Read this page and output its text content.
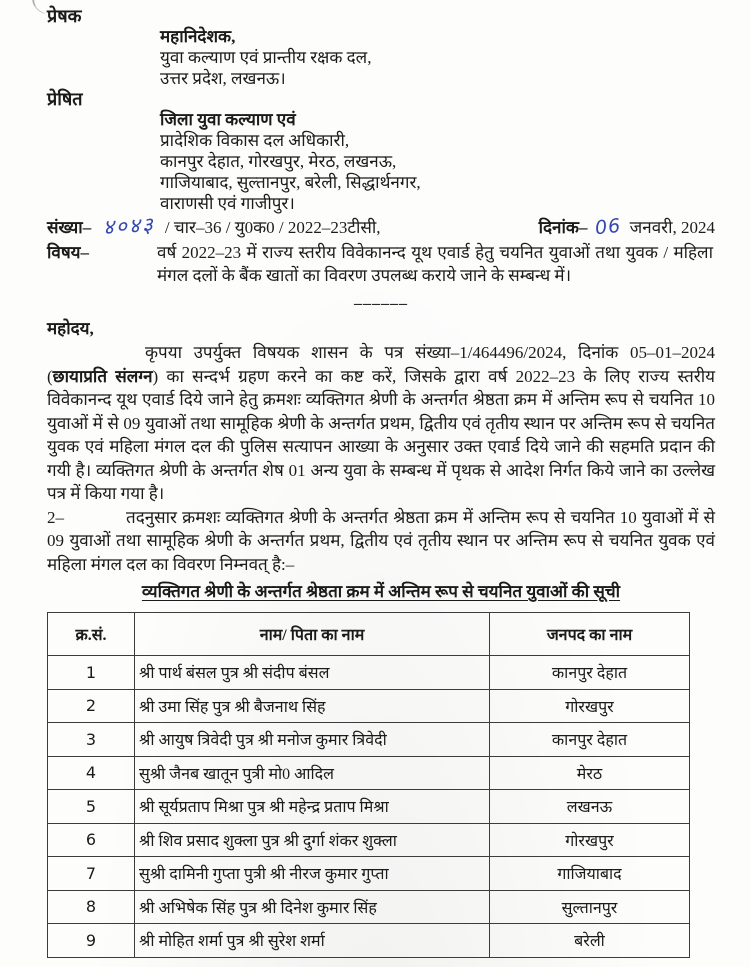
प्रेषक
महानिदेशक,
युवा कल्याण एवं प्रान्तीय रक्षक दल,
उत्तर प्रदेश, लखनऊ।
प्रेषित
जिला युवा कल्याण एवं
प्रादेशिक विकास दल अधिकारी,
कानपुर देहात, गोरखपुर, मेरठ, लखनऊ,
गाजियाबाद, सुल्तानपुर, बरेली, सिद्धार्थनगर,
वाराणसी एवं गाजीपुर।
संख्या– ४०४३ / चार–36 / यु0क0 / 2022–23टीसी,	दिनांक– 06 जनवरी, 2024
विषय–	वर्ष 2022–23 में राज्य स्तरीय विवेकानन्द यूथ एवार्ड हेतु चयनित युवाओं तथा युवक / महिला मंगल दलों के बैंक खातों का विवरण उपलब्ध कराये जाने के सम्बन्ध में।
––––––
महोदय,

कृपया उपर्युक्त विषयक शासन के पत्र संख्या–1/464496/2024, दिनांक 05–01–2024 (छायाप्रति संलग्न) का सन्दर्भ ग्रहण करने का कष्ट करें, जिसके द्वारा वर्ष 2022–23 के लिए राज्य स्तरीय विवेकानन्द यूथ एवार्ड दिये जाने हेतु क्रमशः व्यक्तिगत श्रेणी के अन्तर्गत श्रेष्ठता क्रम में अन्तिम रूप से चयनित 10 युवाओं में से 09 युवाओं तथा सामूहिक श्रेणी के अन्तर्गत प्रथम, द्वितीय एवं तृतीय स्थान पर अन्तिम रूप से चयनित युवक एवं महिला मंगल दल की पुलिस सत्यापन आख्या के अनुसार उक्त एवार्ड दिये जाने की सहमति प्रदान की गयी है। व्यक्तिगत श्रेणी के अन्तर्गत शेष 01 अन्य युवा के सम्बन्ध में पृथक से आदेश निर्गत किये जाने का उल्लेख पत्र में किया गया है।

2–	तदनुसार क्रमशः व्यक्तिगत श्रेणी के अन्तर्गत श्रेष्ठता क्रम में अन्तिम रूप से चयनित 10 युवाओं में से 09 युवाओं तथा सामूहिक श्रेणी के अन्तर्गत प्रथम, द्वितीय एवं तृतीय स्थान पर अन्तिम रूप से चयनित युवक एवं महिला मंगल दल का विवरण निम्नवत् है:–

व्यक्तिगत श्रेणी के अन्तर्गत श्रेष्ठता क्रम में अन्तिम रूप से चयनित युवाओं की सूची
क्र.सं.	नाम/ पिता का नाम	जनपद का नाम
1	श्री पार्थ बंसल पुत्र श्री संदीप बंसल	कानपुर देहात
2	श्री उमा सिंह पुत्र श्री बैजनाथ सिंह	गोरखपुर
3	श्री आयुष त्रिवेदी पुत्र श्री मनोज कुमार त्रिवेदी	कानपुर देहात
4	सुश्री जैनब खातून पुत्री मो0 आदिल	मेरठ
5	श्री सूर्यप्रताप मिश्रा पुत्र श्री महेन्द्र प्रताप मिश्रा	लखनऊ
6	श्री शिव प्रसाद शुक्ला पुत्र श्री दुर्गा शंकर शुक्ला	गोरखपुर
7	सुश्री दामिनी गुप्ता पुत्री श्री नीरज कुमार गुप्ता	गाजियाबाद
8	श्री अभिषेक सिंह पुत्र श्री दिनेश कुमार सिंह	सुल्तानपुर
9	श्री मोहित शर्मा पुत्र श्री सुरेश शर्मा	बरेली
